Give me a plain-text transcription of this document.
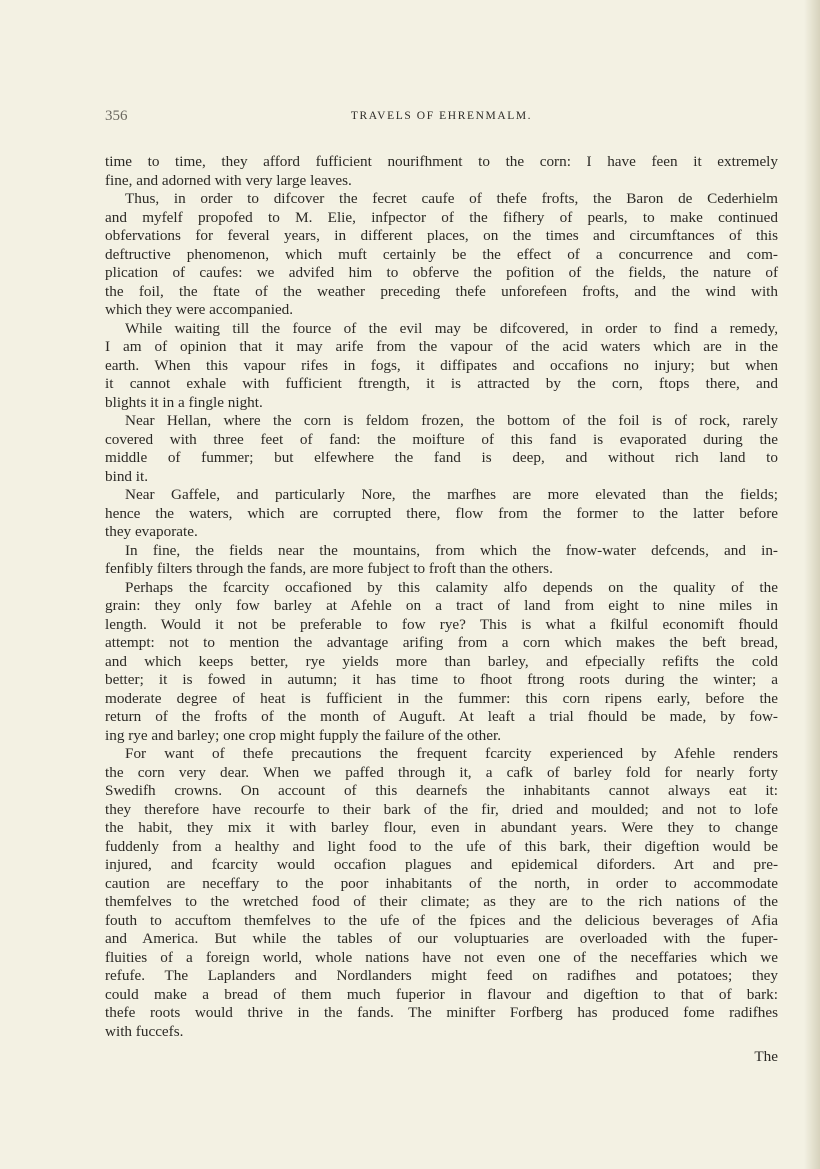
356	TRAVELS OF EHRENMALM.
time to time, they afford fufficient nourifhment to the corn: I have feen it extremely
fine, and adorned with very large leaves.
Thus, in order to difcover the fecret caufe of thefe frofts, the Baron de Cederhielm
and myfelf propofed to M. Elie, infpector of the fifhery of pearls, to make continued
obfervations for feveral years, in different places, on the times and circumftances of this
deftructive phenomenon, which muft certainly be the effect of a concurrence and com-
plication of caufes: we advifed him to obferve the pofition of the fields, the nature of
the foil, the ftate of the weather preceding thefe unforefeen frofts, and the wind with
which they were accompanied.
While waiting till the fource of the evil may be difcovered, in order to find a remedy,
I am of opinion that it may arife from the vapour of the acid waters which are in the
earth. When this vapour rifes in fogs, it diffipates and occafions no injury; but when
it cannot exhale with fufficient ftrength, it is attracted by the corn, ftops there, and
blights it in a fingle night.
Near Hellan, where the corn is feldom frozen, the bottom of the foil is of rock, rarely
covered with three feet of fand: the moifture of this fand is evaporated during the
middle of fummer; but elfewhere the fand is deep, and without rich land to
bind it.
Near Gaffele, and particularly Nore, the marfhes are more elevated than the fields;
hence the waters, which are corrupted there, flow from the former to the latter before
they evaporate.
In fine, the fields near the mountains, from which the fnow-water defcends, and in-
fenfibly filters through the fands, are more fubject to froft than the others.
Perhaps the fcarcity occafioned by this calamity alfo depends on the quality of the
grain: they only fow barley at Afehle on a tract of land from eight to nine miles in
length. Would it not be preferable to fow rye? This is what a fkilful economift fhould
attempt: not to mention the advantage arifing from a corn which makes the beft bread,
and which keeps better, rye yields more than barley, and efpecially refifts the cold
better; it is fowed in autumn; it has time to fhoot ftrong roots during the winter; a
moderate degree of heat is fufficient in the fummer: this corn ripens early, before the
return of the frofts of the month of Auguft. At leaft a trial fhould be made, by fow-
ing rye and barley; one crop might fupply the failure of the other.
For want of thefe precautions the frequent fcarcity experienced by Afehle renders
the corn very dear. When we paffed through it, a cafk of barley fold for nearly forty
Swedifh crowns. On account of this dearnefs the inhabitants cannot always eat it:
they therefore have recourfe to their bark of the fir, dried and moulded; and not to lofe
the habit, they mix it with barley flour, even in abundant years. Were they to change
fuddenly from a healthy and light food to the ufe of this bark, their digeftion would be
injured, and fcarcity would occafion plagues and epidemical diforders. Art and pre-
caution are neceffary to the poor inhabitants of the north, in order to accommodate
themfelves to the wretched food of their climate; as they are to the rich nations of the
fouth to accuftom themfelves to the ufe of the fpices and the delicious beverages of Afia
and America. But while the tables of our voluptuaries are overloaded with the fuper-
fluities of a foreign world, whole nations have not even one of the neceffaries which we
refufe. The Laplanders and Nordlanders might feed on radifhes and potatoes; they
could make a bread of them much fuperior in flavour and digeftion to that of bark:
thefe roots would thrive in the fands. The minifter Forfberg has produced fome radifhes
with fuccefs.
The
